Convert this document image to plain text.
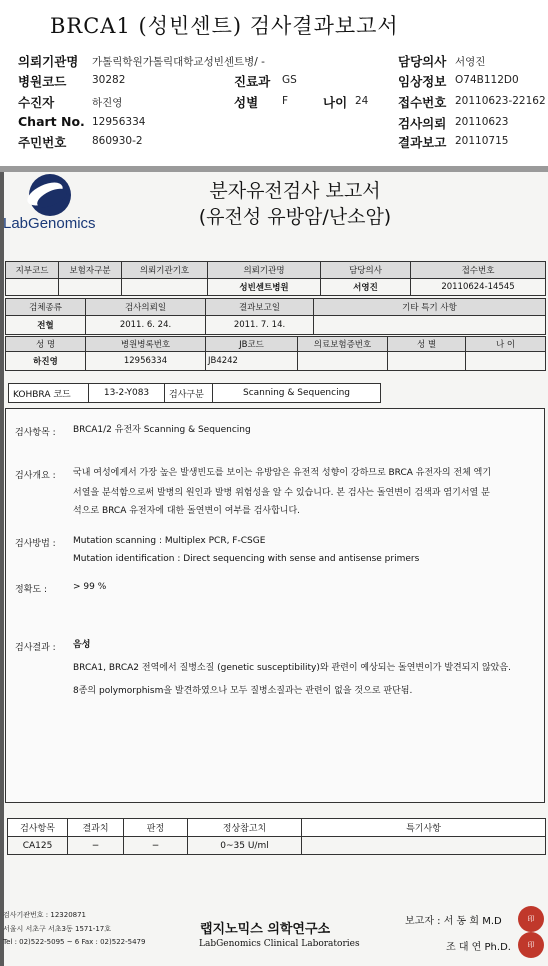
BRCA1 (성빈센트) 검사결과보고서
의뢰기관명 가톨릭학원가톨릭대학교성빈센트병/ -
병원코드 30282
수진자	하진영
Chart No. 12956334
주민번호 860930-2
진료과 GS
성별 F	나이 24
담당의사 서영진
임상정보 O74B112D0
접수번호 20110623-22162
검사의뢰 20110623
결과보고 20110715
LabGenomics
분자유전검사 보고서
(유전성 유방암/난소암)
지부코드	보험자구분	의뢰기관기호	의뢰기관명	담당의사	접수번호
			성빈센트병원	서영진	20110624-14545
검체종류	검사의뢰일	결과보고일	기타 특기 사항
전혈	2011. 6. 24.	2011. 7. 14.	
성 명	병원병록번호	JB코드	의료보험증번호	성 별	나 이
하진영	12956334	JB4242			
KOHBRA 코드	13-2-Y083	검사구분	Scanning & Sequencing
검사항목 : BRCA1/2 유전자 Scanning & Sequencing
검사개요 : 국내 여성에게서 가장 높은 발생빈도를 보이는 유방암은 유전적 성향이 강하므로 BRCA 유전자의 전체 엑기
서열을 분석함으로써 발병의 원인과 발병 위험성을 알 수 있습니다. 본 검사는 돌연변이 검색과 염기서열 분
석으로 BRCA 유전자에 대한 돌연변이 여부를 검사합니다.
검사방법 : Mutation scanning : Multiplex PCR, F-CSGE
Mutation identification : Direct sequencing with sense and antisense primers
정확도 :	> 99 %
검사결과 : 음성
BRCA1, BRCA2 전역에서 질병소질 (genetic susceptibility)와 관련이 예상되는 돌연변이가 발견되지 않았음.
8종의 polymorphism을 발견하였으나 모두 질병소질과는 관련이 없을 것으로 판단됨.
검사항목	결과치	판정	정상참고치	특기사항
CA125	−	−	0~35 U/ml	
검사기관번호 : 12320871
서울시 서초구 서초3동 1571-17호
Tel : 02)522-5095 ~ 6 Fax : 02)522-5479
랩지노믹스 의학연구소
LabGenomics Clinical Laboratories
보고자 : 서 동 희 M.D
조 대 연 Ph.D.
印
印
